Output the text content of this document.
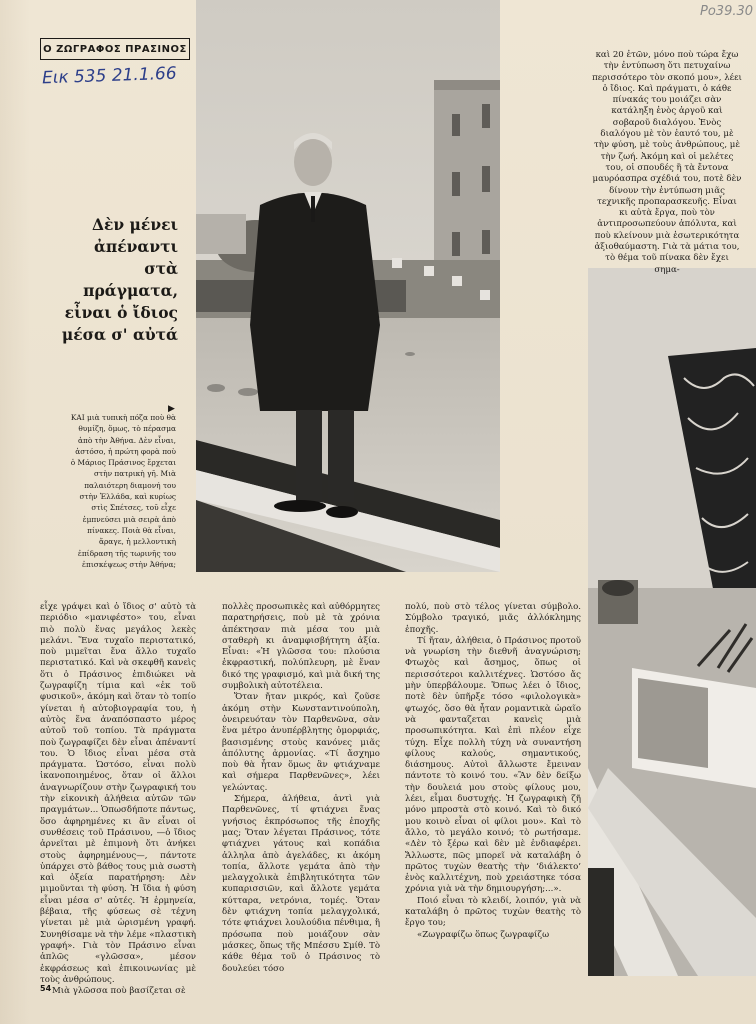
Ο ΖΩΓΡΑΦΟΣ ΠΡΑΣΙΝΟΣ
Εικ 535 21.1.66
Ρο39.30
Δὲν μένει
ἀπέναντι
στὰ πράγματα,
εἶναι ὁ ἴδιος
μέσα σ' αὐτά
▶
ΚΑΙ μιὰ τυπικὴ πόζα ποὺ θὰ θυμίζη, ὅμως, τὸ πέρασμα ἀπὸ τὴν Ἀθήνα. Δὲν εἶναι, ἀστόσο, ἡ πρώτη φορὰ ποὺ ὁ Μάριος Πράσινος ἔρχεται στὴν πατρικὴ γῆ. Μιὰ παλαιότερη διαμονή του στὴν Ἑλλάδα, καὶ κυρίως στὶς Σπέτσες, τοῦ εἶχε ἐμπνεύσει μιὰ σειρὰ ἀπὸ πίνακες. Ποιὰ θὰ εἶναι, ἄραγε, ἡ μελλοντικὴ ἐπίδραση τῆς τωρινῆς του ἐπισκέψεως στὴν Ἀθήνα;
καὶ 20 ἐτῶν, μόνο ποὺ τώρα ἔχω τὴν ἐντύπωση ὅτι πετυχαίνω περισσότερο τὸν σκοπό μου», λέει ὁ ἴδιος. Καὶ πράγματι, ὁ κάθε πίνακάς του μοιάζει σὰν κατάληξη ἑνὸς ἀργοῦ καὶ σοβαροῦ διαλόγου. Ἑνὸς διαλόγου μὲ τὸν ἑαυτό του, μὲ τὴν φύση, μὲ τοὺς ἀνθρώπους, μὲ τὴν ζωή. Ἀκόμη καὶ οἱ μελέτες του, οἱ σπουδές ἢ τὰ ἔντονα μαυρόασπρα σχέδιά του, ποτὲ δὲν δίνουν τὴν ἐντύπωση μιᾶς τεχνικῆς προπαρασκευῆς. Εἶναι κι αὐτὰ ἔργα, ποὺ τὸν ἀντιπροσωπεύουν ἀπόλυτα, καὶ ποὺ κλείνουν μιὰ ἐσωτερικότητα ἀξιοθαύμαστη. Γιὰ τὰ μάτια του, τὸ θέμα τοῦ πίνακα δὲν ἔχει σημα-

εἶχε γράψει καὶ ὁ ἴδιος σ' αὐτὸ τὰ περιόδιο «μανιφέστο» του, εἶναι πιὸ πολὺ ἕνας μεγάλος λεκὲς μελάνι. Ἕνα τυχαῖο περιστατικό, ποὺ μιμεῖται ἕνα ἄλλο τυχαῖο περιστατικό. Καὶ νὰ σκεφθῆ κανεὶς ὅτι ὁ Πράσινος ἐπιδιώκει νὰ ζωγραφίζη τίμια καὶ «ἐκ τοῦ φυσικοῦ», ἀκόμη καὶ ὅταν τὸ τοπίο γίνεται ἡ αὐτοβιογραφία του, ἡ αὐτὸς ἕνα ἀναπόσπαστο μέρος αὐτοῦ τοῦ τοπίου. Τὰ πράγματα ποὺ ζωγραφίζει δὲν εἶναι ἀπέναντί του. Ὁ ἴδιος εἶναι μέσα στὰ πράγματα. Ὡστόσο, εἶναι πολὺ ἱκανοποιημένος, ὅταν οἱ ἄλλοι ἀναγνωρίζουν στὴν ζωγραφική του τὴν εἰκονικὴ ἀλήθεια αὐτῶν τῶν πραγμάτων... Ὁπωσδήποτε πάντως, ὅσο ἀφηρημένες κι ἂν εἶναι οἱ συνθέσεις τοῦ Πράσινου, —ὁ ἴδιος ἀρνεῖται μὲ ἐπιμονὴ ὅτι ἀνήκει στοὺς ἀφηρημένους—, πάντοτε ὑπάρχει στὸ βάθος τους μιὰ σωστὴ καὶ ὀξεία παρατήρηση: Δὲν μιμοῦνται τὴ φύση. Ἡ ἴδια ἡ φύση εἶναι μέσα σ' αὐτές. Ἡ ἑρμηνεία, βέβαια, τῆς φύσεως σὲ τέχνη γίνεται μὲ μιὰ ὡρισμένη γραφή. Συνηθίσαμε νὰ τὴν λέμε «πλαστικὴ γραφή». Γιὰ τὸν Πράσινο εἶναι ἁπλῶς «γλῶσσα», μέσον ἐκφράσεως καὶ ἐπικοινωνίας μὲ τοὺς ἀνθρώπους.

Μιὰ γλῶσσα ποὺ βασίζεται σὲ

πολλὲς προσωπικὲς καὶ αὐθόρμητες παρατηρήσεις, ποὺ μὲ τὰ χρόνια ἀπέκτησαν πιὰ μέσα του μιὰ σταθερὴ κι ἀναμφισβήτητη ἀξία. Εἶναι: «Ἡ γλῶσσα του: πλούσια ἐκφραστική, πολύπλευρη, μὲ ἕναν δικό της γραφισμό, καὶ μιὰ δική της συμβολικὴ αὐτοτέλεια.

Ὅταν ἤταν μικρός, καὶ ζοῦσε ἀκόμη στὴν Κωνσταντινούπολη, ὀνειρευόταν τὸν Παρθενῶνα, σὰν ἕνα μέτρο ἀνυπέρβλητης ὀμορφιάς, βασισμένης στοὺς κανόνες μιᾶς ἀπόλυτης ἁρμονίας. «Τί ἄσχημο ποὺ θὰ ἦταν ὅμως ἂν φτιάχναμε καὶ σήμερα Παρθενῶνες», λέει γελώντας.

Σήμερα, ἀλήθεια, ἀντὶ γιὰ Παρθενῶνες, τί φτιάχνει ἕνας γνήσιος ἐκπρόσωπος τῆς ἐποχῆς μας; Ὅταν λέγεται Πράσινος, τότε φτιάχνει γάτους καὶ κοπάδια ἀλληλα ἀπὸ ἀγελάδες, κι ἀκόμη τοπία, ἄλλοτε γεμάτα ἀπὸ τὴν μελαγχολικὰ ἐπιβλητικότητα τῶν κυπαρισσιῶν, καὶ ἄλλοτε γεμάτα κύτταρα, νετρόνια, τομές. Ὅταν δὲν φτιάχνη τοπία μελαγχολικά, τότε φτιάχνει λουλούδια πένθιμα, ἢ πρόσωπα ποὺ μοιάζουν σὰν μάσκες, ὅπως τῆς Μπέσσυ Σμίθ. Τὸ κάθε θέμα τοῦ ὁ Πράσινος τὸ δουλεύει τόσο

πολύ, ποὺ στὸ τέλος γίνεται σύμβολο. Σύμβολο τραγικό, μιᾶς ἀλλόκλημης ἐποχῆς.

Τί ἤταν, ἀλήθεια, ὁ Πράσινος προτοῦ νὰ γνωρίση τὴν διεθνῆ ἀναγνώριση; Φτωχὸς καὶ ἄσημος, ὅπως οἱ περισσότεροι καλλιτέχνες. Ὡστόσο ἄς μὴν ὑπερβάλουμε. Ὅπως λέει ὁ ἴδιος, ποτὲ δὲν ὑπῆρξε τόσο «φιλολογικὰ» φτωχός, ὅσο θὰ ἦταν ρομαντικὰ ὡραῖο νὰ φανταζεται κανεὶς μιὰ προσωπικότητα. Καὶ ἐπὶ πλέον εἶχε τύχη. Εἶχε πολλὴ τύχη νὰ συναντήση φίλους καλούς, σημαντικούς, διάσημους. Αὐτοὶ ἄλλωστε ἔμειναν πάντοτε τὸ κοινό του. «Ἂν δὲν δείξω τὴν δουλειά μου στοὺς φίλους μου, λέει, εἶμαι δυστυχής. Ἡ ζωγραφικὴ ζῆ μόνο μπροστὰ στὸ κοινό. Καὶ τὸ δικό μου κοινὸ εἶναι οἱ φίλοι μου». Καὶ τὸ ἄλλο, τὸ μεγάλο κοινό; τὸ ρωτήσαμε. «Δὲν τὸ ξέρω καὶ δὲν μὲ ἐνδιαφέρει. Ἄλλωστε, πῶς μπορεῖ νὰ καταλάβη ὁ πρῶτος τυχὼν θεατὴς τὴν ‘διάλεκτο’ ἑνὸς καλλιτέχνη, ποὺ χρειάστηκε τόσα χρόνια γιὰ νὰ τὴν δημιουργήση;...».

Ποιό εἶναι τὸ κλειδί, λοιπόν, γιὰ νὰ καταλάβη ὁ πρῶτος τυχὼν θεατὴς τὸ ἔργο του;

«Ζωγραφίζω ὅπως ζωγραφίζω

54
